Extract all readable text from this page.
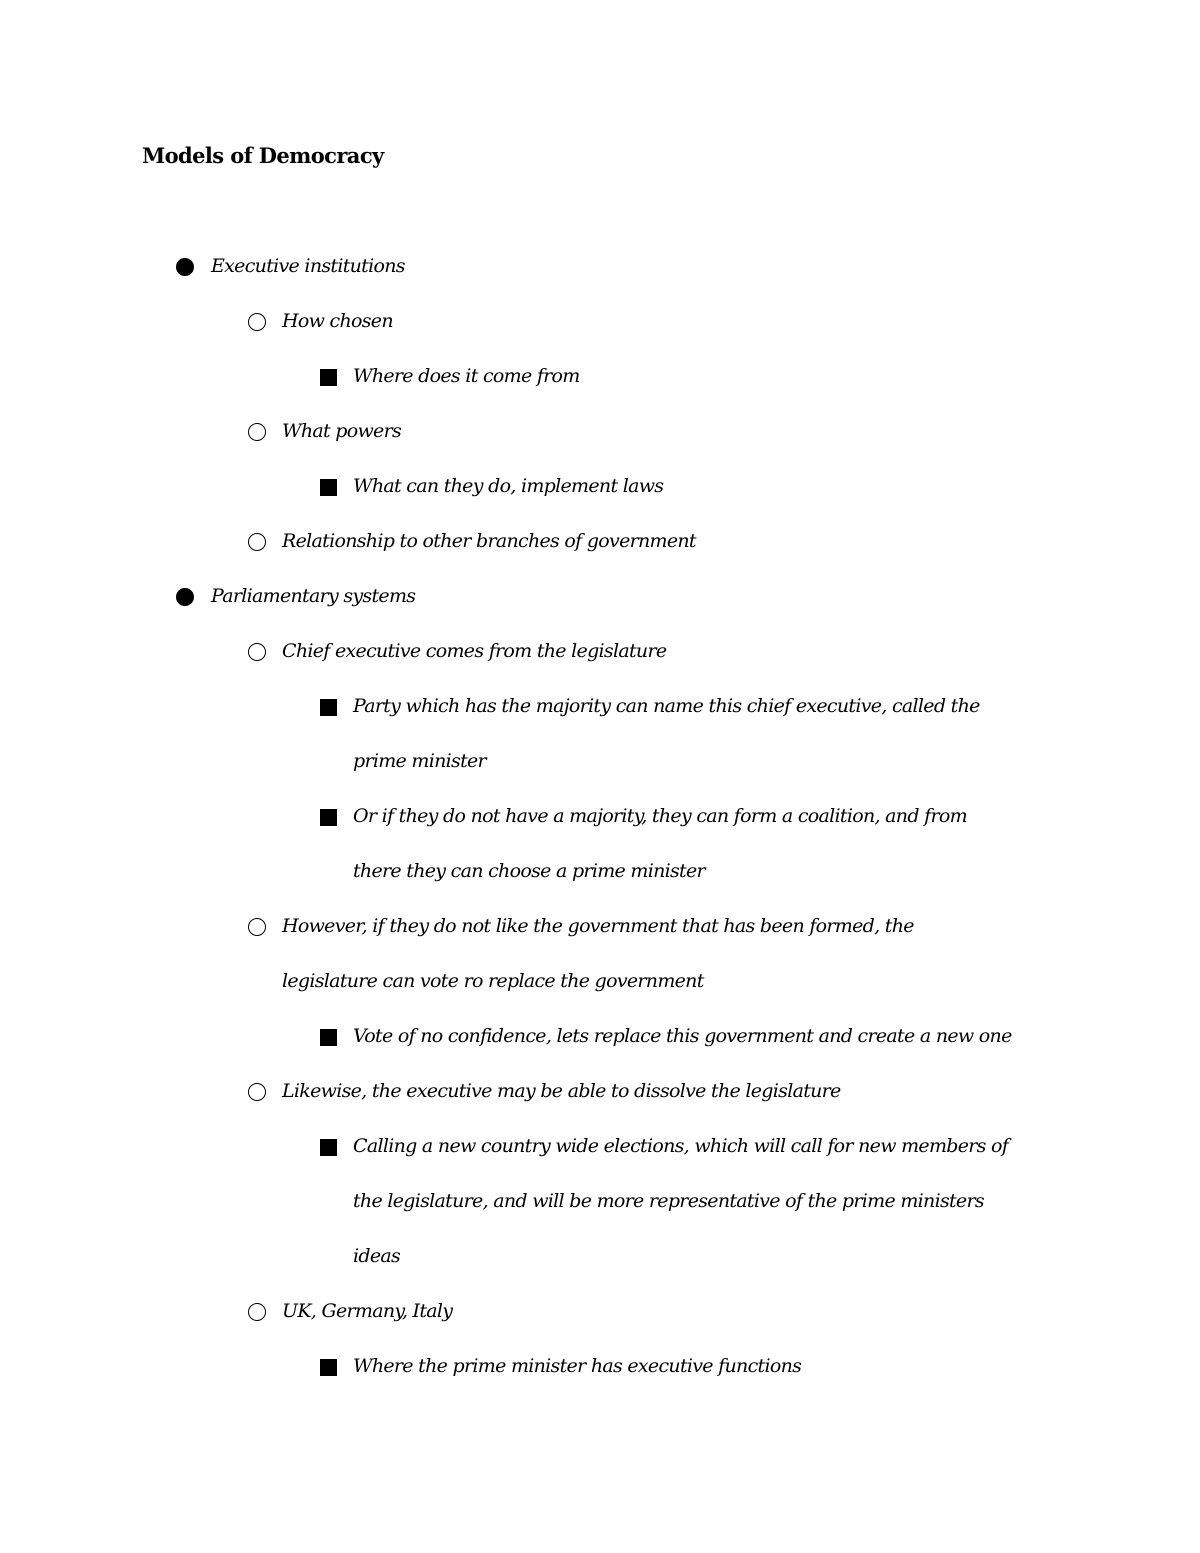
Models of Democracy
Executive institutions
How chosen
Where does it come from
What powers
What can they do, implement laws
Relationship to other branches of government
Parliamentary systems
Chief executive comes from the legislature
Party which has the majority can name this chief executive, called the
prime minister
Or if they do not have a majority, they can form a coalition, and from
there they can choose a prime minister
However, if they do not like the government that has been formed, the
legislature can vote ro replace the government
Vote of no confidence, lets replace this government and create a new one
Likewise, the executive may be able to dissolve the legislature
Calling a new country wide elections, which will call for new members of
the legislature, and will be more representative of the prime ministers
ideas
UK, Germany, Italy
Where the prime minister has executive functions
